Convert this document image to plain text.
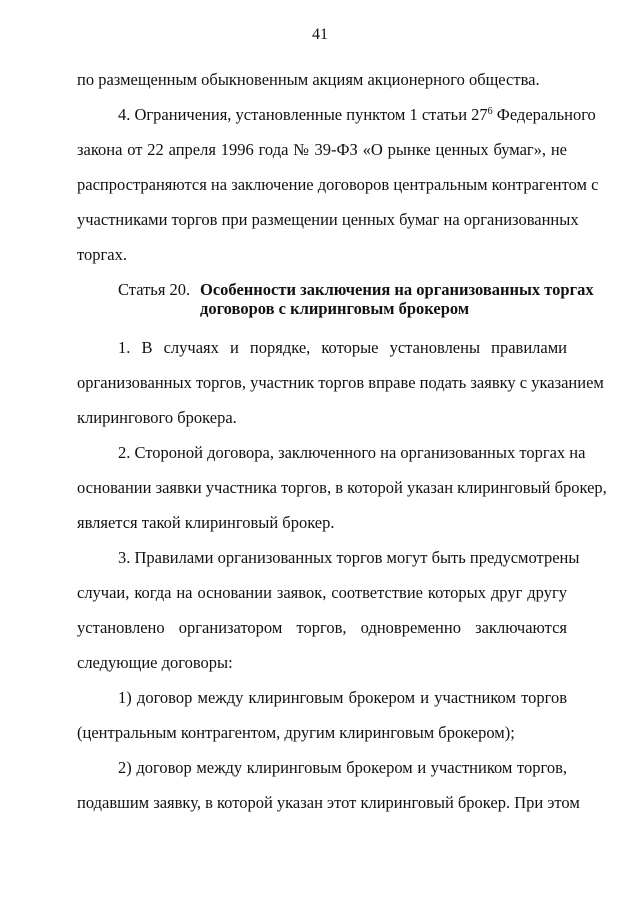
41
по размещенным обыкновенным акциям акционерного общества.
4. Ограничения, установленные пунктом 1 статьи $27^6$ Федерального
закона от 22 апреля 1996 года № 39-ФЗ «О рынке ценных бумаг», не
распространяются на заключение договоров центральным контрагентом с
участниками торгов при размещении ценных бумаг на организованных
торгах.
Статья 20. Особенности заключения на организованных торгах
договоров с клиринговым брокером
1. В случаях и порядке, которые установлены правилами
организованных торгов, участник торгов вправе подать заявку с указанием
клирингового брокера.
2. Стороной договора, заключенного на организованных торгах на
основании заявки участника торгов, в которой указан клиринговый брокер,
является такой клиринговый брокер.
3. Правилами организованных торгов могут быть предусмотрены
случаи, когда на основании заявок, соответствие которых друг другу
установлено организатором торгов, одновременно заключаются
следующие договоры:
1) договор между клиринговым брокером и участником торгов
(центральным контрагентом, другим клиринговым брокером);
2) договор между клиринговым брокером и участником торгов,
подавшим заявку, в которой указан этот клиринговый брокер. При этом
